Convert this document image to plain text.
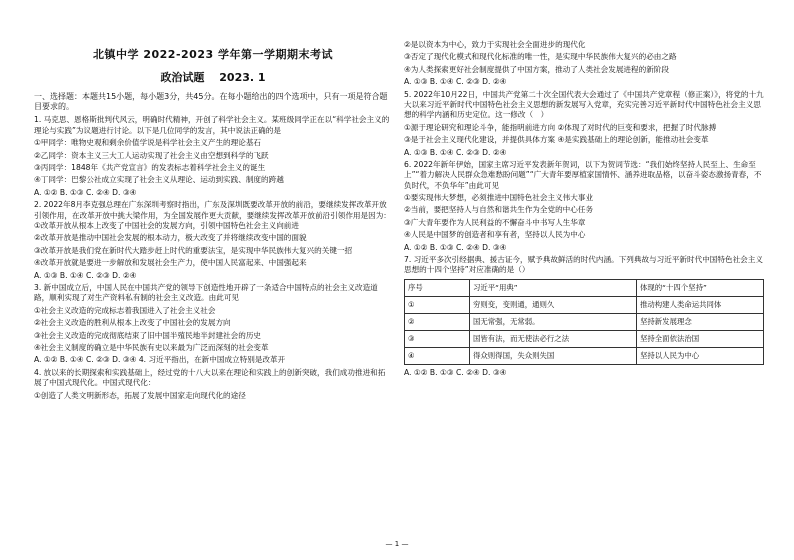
北镇中学 2022-2023 学年第一学期期末考试
政治试题　 2023. 1
一、选择题：本题共15小题，每小题3分，共45分。在每小题给出的四个选项中，只有一项是符合题目要求的。
1. 马克思、恩格斯批判代风云，明确时代精神，开创了科学社会主义。某班级同学正在以“科学社会主义的理论与实践”为议题进行讨论。以下是几位同学的发言，其中说法正确的是
①甲同学：唯物史观和剩余价值学说是科学社会主义产生的理论基石
②乙同学：资本主义三大工人运动实现了社会主义由空想到科学的飞跃
③丙同学：1848年《共产党宣言》的发表标志着科学社会主义的诞生
④丁同学：巴黎公社成立实现了社会主义从理论、运动到实践、制度的跨越
A. ①② B. ①③ C. ②④ D. ③④
2. 2022年8月李克强总理在广东深圳考察时指出，广东及深圳既要改革开放的前沿，要继续发挥改革开放引领作用，在改革开放中挑大梁作用，为全国发展作更大贡献，要继续发挥改革开放前沿引领作用是因为：①改革开放从根本上改变了中国社会的发展方向，引领中国特色社会主义向前进
②改革开放是推动中国社会发展的根本动力，极大改变了并将继续改变中国的面貌
③改革开放是我们党在新时代大踏步赶上时代的重要法宝，是实现中华民族伟大复兴的关键一招
④改革开放就是要进一步解放和发展社会生产力，使中国人民富起来、中国强起来
A. ①③ B. ①④ C. ②③ D. ②④
3. 新中国成立后，中国人民在中国共产党的领导下创造性地开辟了一条适合中国特点的社会主义改造道路，顺利实现了对生产资料私有制的社会主义改造。由此可见
①社会主义改造的完成标志着我国进入了社会主义社会
②社会主义改造的胜利从根本上改变了中国社会的发展方向
③社会主义改造的完成彻底结束了旧中国半殖民地半封建社会的历史
④社会主义制度的确立是中华民族有史以来最为广泛而深刻的社会变革
A. ①② B. ①④ C. ②③ D. ③④ 4. 习近平指出，在新中国成立特别是改革开
4. 放以来的长期探索和实践基础上，经过党的十八大以来在理论和实践上的创新突破，我们成功推进和拓展了中国式现代化。中国式现代化：
①创造了人类文明新形态，拓展了发展中国家走向现代化的途径
②是以资本为中心，致力于实现社会全面进步的现代化
③否定了现代化模式和现代化标准的唯一性，是实现中华民族伟大复兴的必由之路
④为人类探索更好社会制度提供了中国方案，推动了人类社会发展进程的新阶段
A. ①③ B. ①④ C. ②③ D. ②④
5. 2022年10月22日，中国共产党第二十次全国代表大会通过了《中国共产党章程（修正案）》，将党的十九大以来习近平新时代中国特色社会主义思想的新发展写入党章，充实完善习近平新时代中国特色社会主义思想的科学内涵和历史定位。这一修改（　）
①源于理论研究和理论斗争，能指明前进方向 ②体现了对时代的巨变和要求，把握了时代脉搏
③是于社会主义现代化建设，并提供具体方案 ④是实践基础上的理论创新，能推动社会变革
A. ①③ B. ①④ C. ②③ D. ②④
6. 2022年新年伊始，国家主席习近平发表新年贺词，以下为贺词节选：“我们始终坚持人民至上、生命至上”“着力解决人民群众急难愁盼问题”“广大青年要厚植家国情怀、涵养进取品格，以奋斗姿态激扬青春，不负时代，不负华年”由此可见
①要实现伟大梦想，必须推进中国特色社会主义伟大事业
②当前，要把坚持人与自然和谐共生作为全党的中心任务
③广大青年要作为人民利益的不懈奋斗中书写人生华章
④人民是中国梦的创造者和享有者，坚持以人民为中心
A. ①② B. ①③ C. ②④ D. ③④
7. 习近平多次引经据典、援古证今，赋予典故鲜活的时代内涵。下列典故与习近平新时代中国特色社会主义思想的十四个坚持”对应准确的是（）
序号	习近平“用典”	体现的“十四个坚持”
①	穷则变，变则通，通则久	推动构建人类命运共同体
②	国无常强，无常弱。	坚持新发展理念
③	国皆有法，而无使法必行之法	坚持全面依法治国
④	得众则得国，失众则失国	坚持以人民为中心
A. ①② B. ①③ C. ②④ D. ③④
— 1 —
